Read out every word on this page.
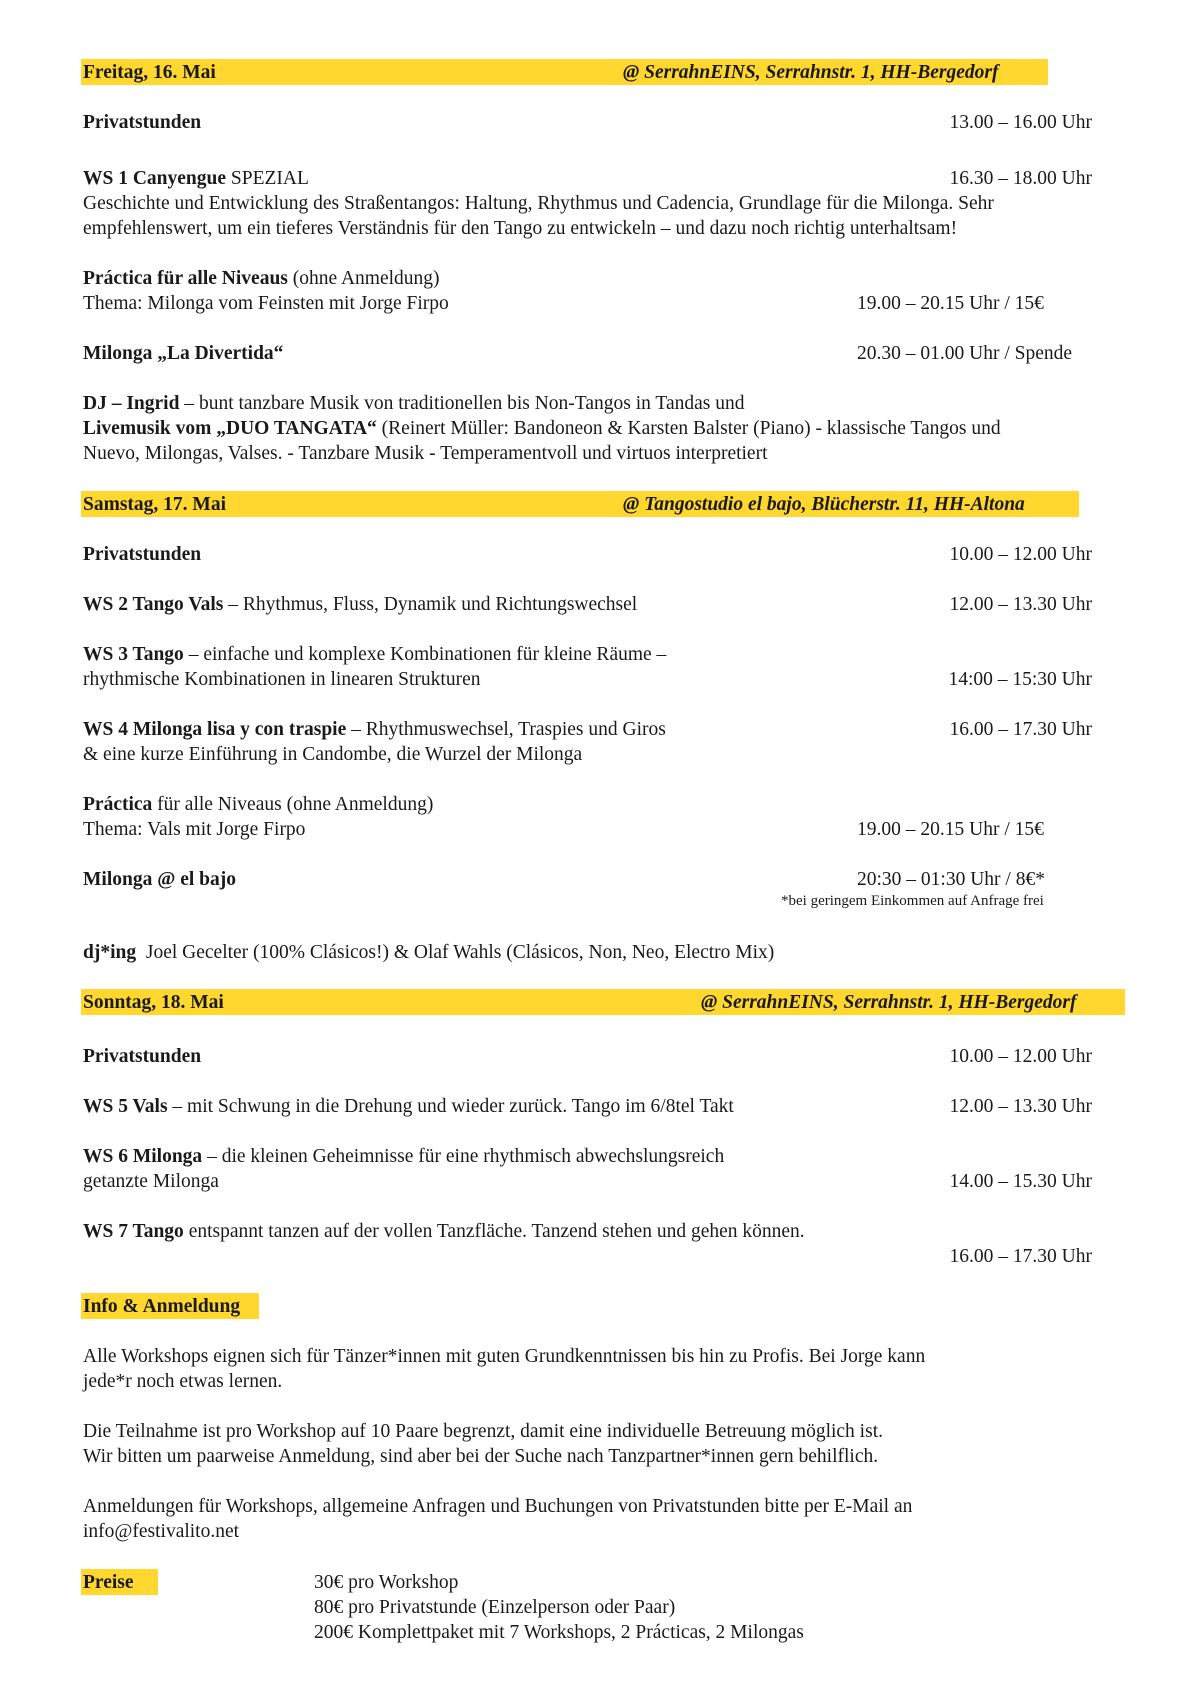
Freitag, 16. Mai	@ SerrahnEINS, Serrahnstr. 1, HH-Bergedorf
Privatstunden	13.00 – 16.00 Uhr
WS 1 Canyengue SPEZIAL	16.30 – 18.00 Uhr
Geschichte und Entwicklung des Straßentangos: Haltung, Rhythmus und Cadencia, Grundlage für die Milonga. Sehr
empfehlenswert, um ein tieferes Verständnis für den Tango zu entwickeln – und dazu noch richtig unterhaltsam!
Práctica für alle Niveaus (ohne Anmeldung)
Thema: Milonga vom Feinsten mit Jorge Firpo	19.00 – 20.15 Uhr / 15€
Milonga „La Divertida“	20.30 – 01.00 Uhr / Spende
DJ – Ingrid – bunt tanzbare Musik von traditionellen bis Non-Tangos in Tandas und
Livemusik vom „DUO TANGATA“ (Reinert Müller: Bandoneon & Karsten Balster (Piano) - klassische Tangos und
Nuevo, Milongas, Valses. - Tanzbare Musik - Temperamentvoll und virtuos interpretiert
Samstag, 17. Mai	@ Tangostudio el bajo, Blücherstr. 11, HH-Altona
Privatstunden	10.00 – 12.00 Uhr
WS 2 Tango Vals – Rhythmus, Fluss, Dynamik und Richtungswechsel	12.00 – 13.30 Uhr
WS 3 Tango – einfache und komplexe Kombinationen für kleine Räume –
rhythmische Kombinationen in linearen Strukturen	14:00 – 15:30 Uhr
WS 4 Milonga lisa y con traspie – Rhythmuswechsel, Traspies und Giros	16.00 – 17.30 Uhr
& eine kurze Einführung in Candombe, die Wurzel der Milonga
Práctica für alle Niveaus (ohne Anmeldung)
Thema: Vals mit Jorge Firpo	19.00 – 20.15 Uhr / 15€
Milonga @ el bajo	20:30 – 01:30 Uhr / 8€*
*bei geringem Einkommen auf Anfrage frei
dj*ing  Joel Gecelter (100% Clásicos!) & Olaf Wahls (Clásicos, Non, Neo, Electro Mix)
Sonntag, 18. Mai	@ SerrahnEINS, Serrahnstr. 1, HH-Bergedorf
Privatstunden	10.00 – 12.00 Uhr
WS 5 Vals – mit Schwung in die Drehung und wieder zurück. Tango im 6/8tel Takt	12.00 – 13.30 Uhr
WS 6 Milonga – die kleinen Geheimnisse für eine rhythmisch abwechslungsreich
getanzte Milonga	14.00 – 15.30 Uhr
WS 7 Tango entspannt tanzen auf der vollen Tanzfläche. Tanzend stehen und gehen können.
16.00 – 17.30 Uhr
Info & Anmeldung
Alle Workshops eignen sich für Tänzer*innen mit guten Grundkenntnissen bis hin zu Profis. Bei Jorge kann
jede*r noch etwas lernen.
Die Teilnahme ist pro Workshop auf 10 Paare begrenzt, damit eine individuelle Betreuung möglich ist.
Wir bitten um paarweise Anmeldung, sind aber bei der Suche nach Tanzpartner*innen gern behilflich.
Anmeldungen für Workshops, allgemeine Anfragen und Buchungen von Privatstunden bitte per E-Mail an
info@festivalito.net
Preise	30€ pro Workshop
80€ pro Privatstunde (Einzelperson oder Paar)
200€ Komplettpaket mit 7 Workshops, 2 Prácticas, 2 Milongas
